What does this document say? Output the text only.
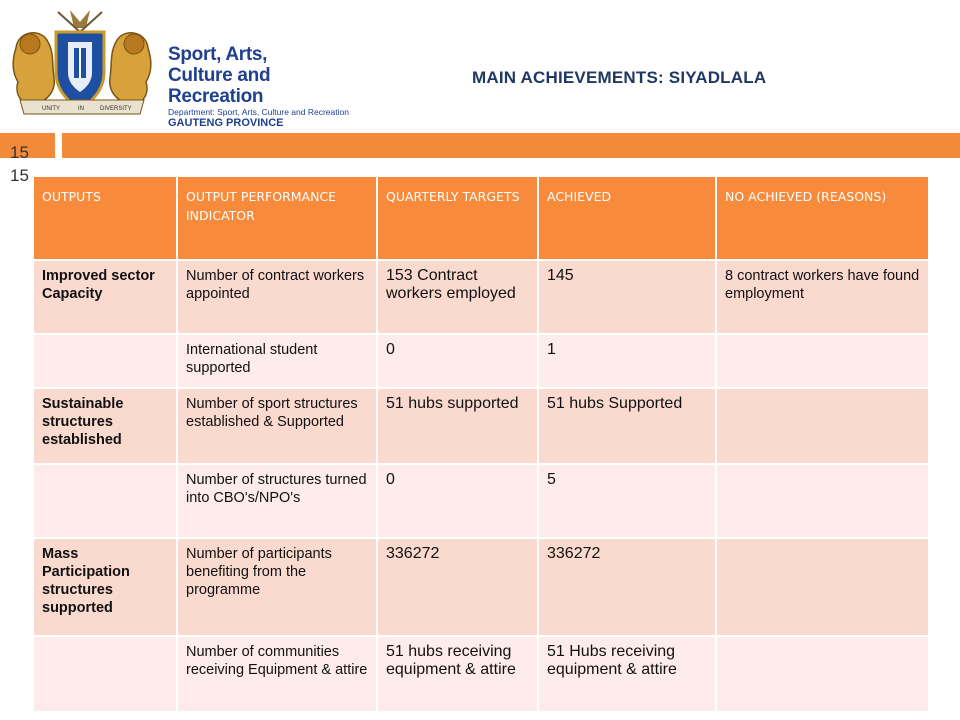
UNITY	IN	DIVERSITY
Sport, Arts,
Culture and Recreation
Department: Sport, Arts, Culture and Recreation
GAUTENG PROVINCE
MAIN ACHIEVEMENTS: SIYADLALA
15 15
OUTPUTS	OUTPUT PERFORMANCE INDICATOR	QUARTERLY TARGETS	ACHIEVED	NO ACHIEVED (REASONS)
Improved sector Capacity	Number of contract workers appointed	153 Contract workers employed	145	8 contract workers have found employment
	International student supported	0	1	
Sustainable structures established	Number of sport structures established & Supported	51 hubs supported	51 hubs Supported	
	Number of structures turned into CBO's/NPO's	0	5	
Mass Participation structures supported	Number of participants benefiting from the programme	336272	336272	
	Number of communities receiving Equipment & attire	51 hubs receiving equipment & attire	51 Hubs receiving equipment & attire	
